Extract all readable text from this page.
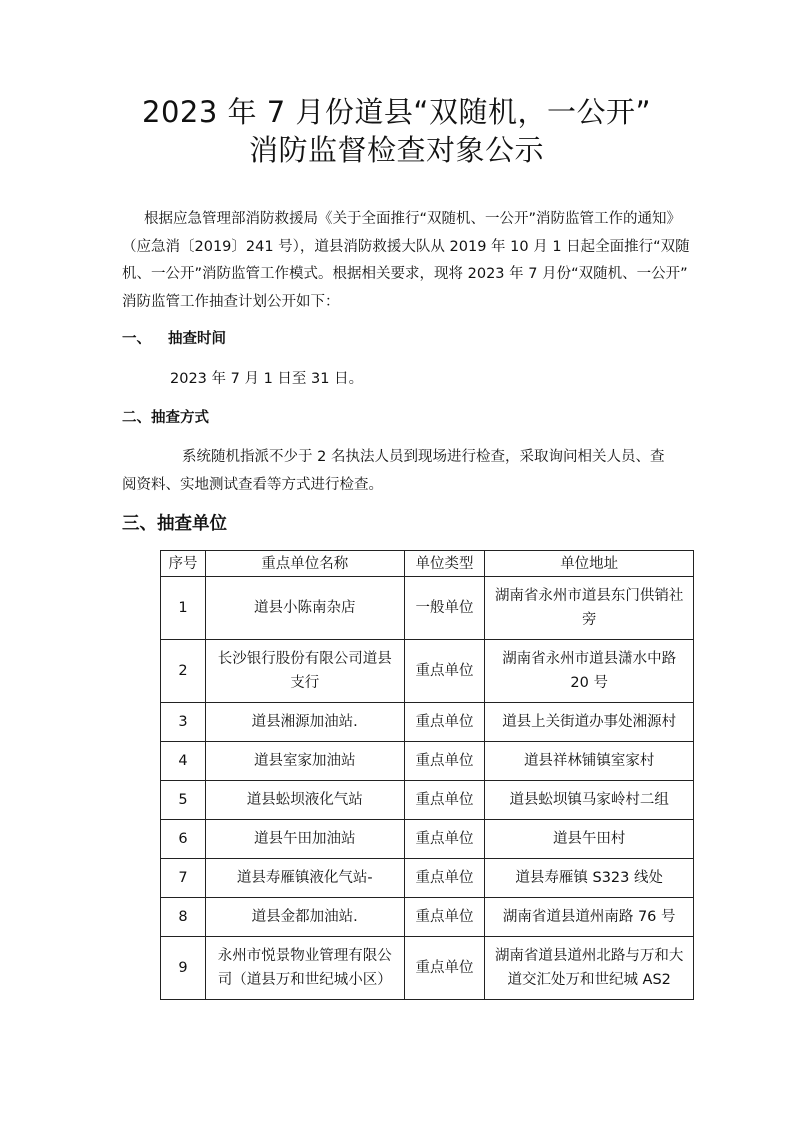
2023 年 7 月份道县“双随机，一公开”
消防监督检查对象公示

根据应急管理部消防救援局《关于全面推行“双随机、一公开”消防监管工作的通知》
（应急消〔2019〕241 号），道县消防救援大队从 2019 年 10 月 1 日起全面推行“双随
机、一公开”消防监管工作模式。根据相关要求，现将 2023 年 7 月份“双随机、一公开”
消防监管工作抽查计划公开如下：

一、 抽查时间

2023 年 7 月 1 日至 31 日。

二、抽查方式

系统随机指派不少于 2 名执法人员到现场进行检查，采取询问相关人员、查
阅资料、实地测试查看等方式进行检查。

三、抽查单位
序号	重点单位名称	单位类型	单位地址
1	道县小陈南杂店	一般单位	湖南省永州市道县东门供销社
旁
2	长沙银行股份有限公司道县
支行	重点单位	湖南省永州市道县潇水中路
20 号
3	道县湘源加油站.	重点单位	道县上关街道办事处湘源村
4	道县室家加油站	重点单位	道县祥林铺镇室家村
5	道县蚣坝液化气站	重点单位	道县蚣坝镇马家岭村二组
6	道县午田加油站	重点单位	道县午田村
7	道县寿雁镇液化气站-	重点单位	道县寿雁镇 S323 线处
8	道县金都加油站.	重点单位	湖南省道县道州南路 76 号
9	永州市悦景物业管理有限公
司（道县万和世纪城小区）	重点单位	湖南省道县道州北路与万和大
道交汇处万和世纪城 AS2
